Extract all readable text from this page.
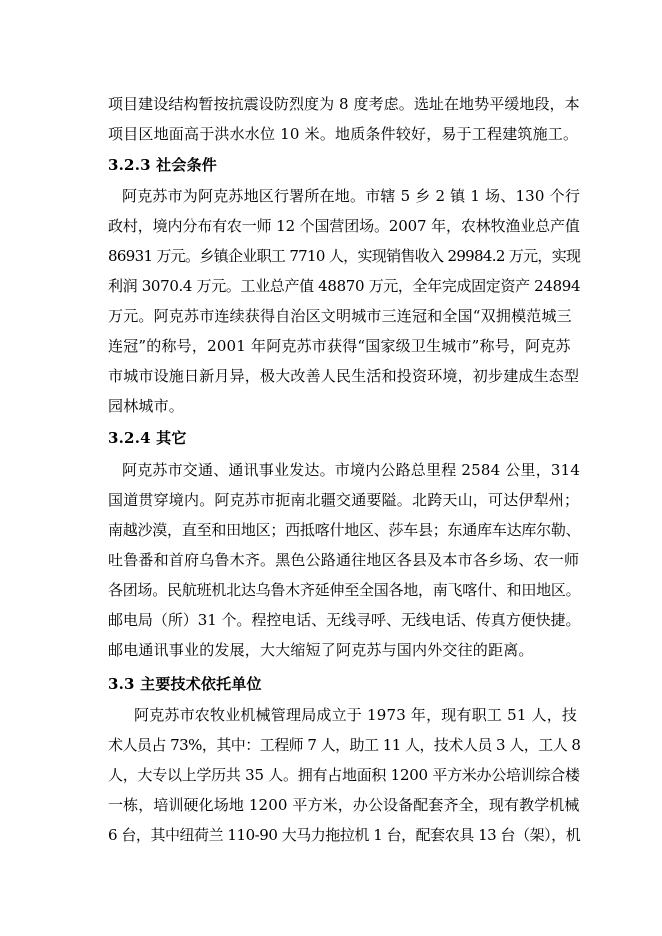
项目建设结构暂按抗震设防烈度为 8 度考虑。选址在地势平缓地段，本
项目区地面高于洪水水位 10 米。地质条件较好，易于工程建筑施工。
3.2.3 社会条件
阿克苏市为阿克苏地区行署所在地。市辖 5 乡 2 镇 1 场、130 个行
政村，境内分布有农一师 12 个国营团场。2007 年，农林牧渔业总产值
86931 万元。乡镇企业职工 7710 人，实现销售收入 29984.2 万元，实现
利润 3070.4 万元。工业总产值 48870 万元，全年完成固定资产 24894
万元。阿克苏市连续获得自治区文明城市三连冠和全国“双拥模范城三
连冠”的称号，2001 年阿克苏市获得“国家级卫生城市”称号，阿克苏
市城市设施日新月异，极大改善人民生活和投资环境，初步建成生态型
园林城市。
3.2.4 其它
阿克苏市交通、通讯事业发达。市境内公路总里程 2584 公里，314
国道贯穿境内。阿克苏市扼南北疆交通要隘。北跨天山，可达伊犁州；
南越沙漠，直至和田地区；西抵喀什地区、莎车县；东通库车达库尔勒、
吐鲁番和首府乌鲁木齐。黑色公路通往地区各县及本市各乡场、农一师
各团场。民航班机北达乌鲁木齐延伸至全国各地，南飞喀什、和田地区。
邮电局（所）31 个。程控电话、无线寻呼、无线电话、传真方便快捷。
邮电通讯事业的发展，大大缩短了阿克苏与国内外交往的距离。
3.3 主要技术依托单位
阿克苏市农牧业机械管理局成立于 1973 年，现有职工 51 人，技
术人员占 73%，其中：工程师 7 人，助工 11 人，技术人员 3 人，工人 8
人，大专以上学历共 35 人。拥有占地面积 1200 平方米办公培训综合楼
一栋，培训硬化场地 1200 平方米，办公设备配套齐全，现有教学机械
6 台，其中纽荷兰 110-90 大马力拖拉机 1 台，配套农具 13 台（架），机
